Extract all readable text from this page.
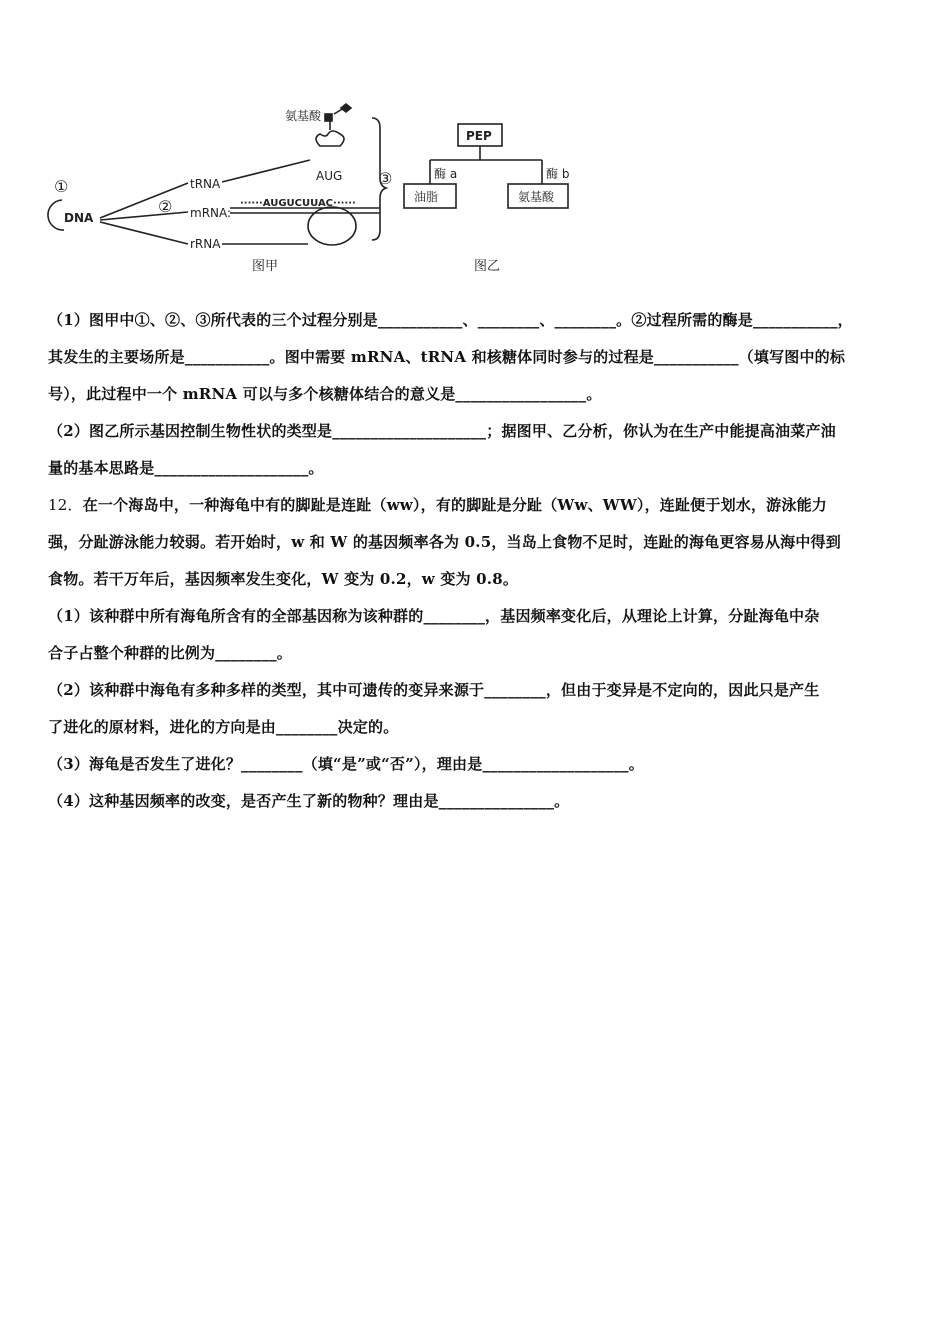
氨基酸
AUG
tRNA
mRNA:
rRNA
DNA
······AUGUCUUAC······
①
②
③
图甲
PEP
酶 a	酶 b
油脂	氨基酸
图乙
（1）图甲中①、②、③所代表的三个过程分别是___________、________、________。②过程所需的酶是___________，
其发生的主要场所是___________。图中需要 mRNA、tRNA 和核糖体同时参与的过程是___________（填写图中的标
号），此过程中一个 mRNA 可以与多个核糖体结合的意义是_________________。
（2）图乙所示基因控制生物性状的类型是____________________；据图甲、乙分析，你认为在生产中能提高油菜产油
量的基本思路是____________________。
12．在一个海岛中，一种海龟中有的脚趾是连趾（ww），有的脚趾是分趾（Ww、WW），连趾便于划水，游泳能力
强，分趾游泳能力较弱。若开始时，w 和 W 的基因频率各为 0.5，当岛上食物不足时，连趾的海龟更容易从海中得到
食物。若干万年后，基因频率发生变化，W 变为 0.2，w 变为 0.8。
（1）该种群中所有海龟所含有的全部基因称为该种群的________，基因频率变化后，从理论上计算，分趾海龟中杂
合子占整个种群的比例为________。
（2）该种群中海龟有多种多样的类型，其中可遗传的变异来源于________，但由于变异是不定向的，因此只是产生
了进化的原材料，进化的方向是由________决定的。
（3）海龟是否发生了进化？________（填“是”或“否”），理由是___________________。
（4）这种基因频率的改变，是否产生了新的物种？理由是_______________。
